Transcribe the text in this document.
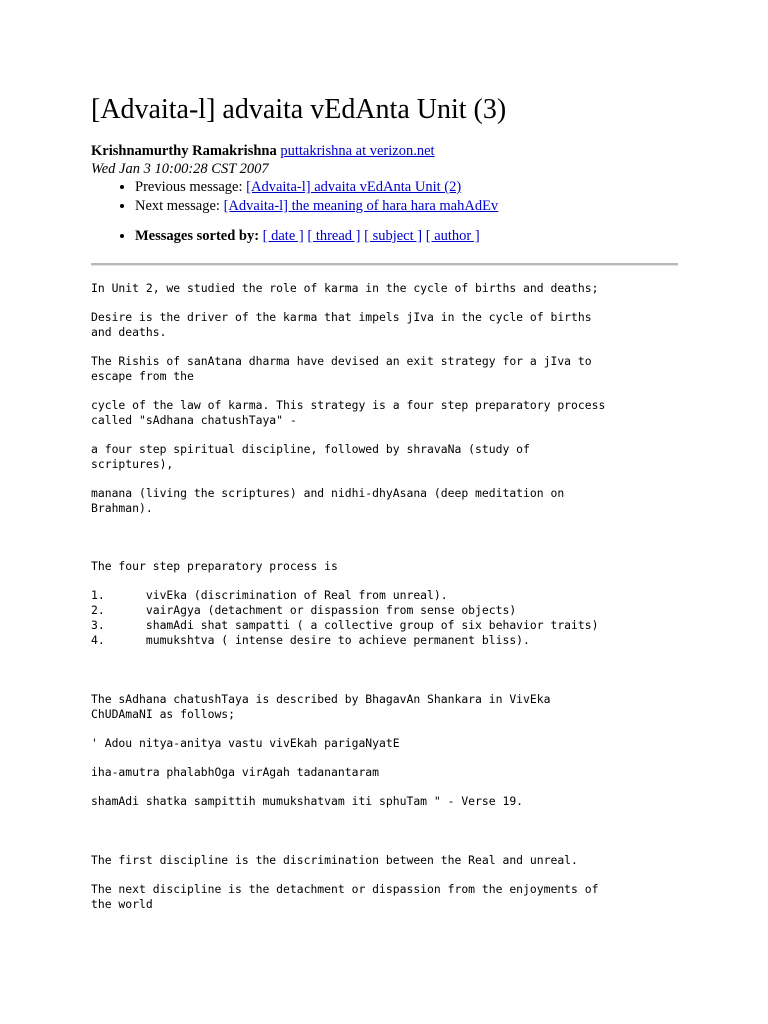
[Advaita-l] advaita vEdAnta Unit (3)
Krishnamurthy Ramakrishna puttakrishna at verizon.net
Wed Jan 3 10:00:28 CST 2007
• Previous message: [Advaita-l] advaita vEdAnta Unit (2)
• Next message: [Advaita-l] the meaning of hara hara mahAdEv
• Messages sorted by: [ date ] [ thread ] [ subject ] [ author ]
In Unit 2, we studied the role of karma in the cycle of births and deaths;
Desire is the driver of the karma that impels jIva in the cycle of births
and deaths.
The Rishis of sanAtana dharma have devised an exit strategy for a jIva to
escape from the
cycle of the law of karma. This strategy is a four step preparatory process
called "sAdhana chatushTaya" -
a four step spiritual discipline, followed by shravaNa (study of
scriptures),
manana (living the scriptures) and nidhi-dhyAsana (deep meditation on
Brahman).
The four step preparatory process is
1.      vivEka (discrimination of Real from unreal).
2.      vairAgya (detachment or dispassion from sense objects)
3.      shamAdi shat sampatti ( a collective group of six behavior traits)
4.      mumukshtva ( intense desire to achieve permanent bliss).
The sAdhana chatushTaya is described by BhagavAn Shankara in VivEka
ChUDAmaNI as follows;
' Adou nitya-anitya vastu vivEkah parigaNyatE
iha-amutra phalabhOga virAgah tadanantaram
shamAdi shatka sampittih mumukshatvam iti sphuTam " - Verse 19.
The first discipline is the discrimination between the Real and unreal.
The next discipline is the detachment or dispassion from the enjoyments of
the world
